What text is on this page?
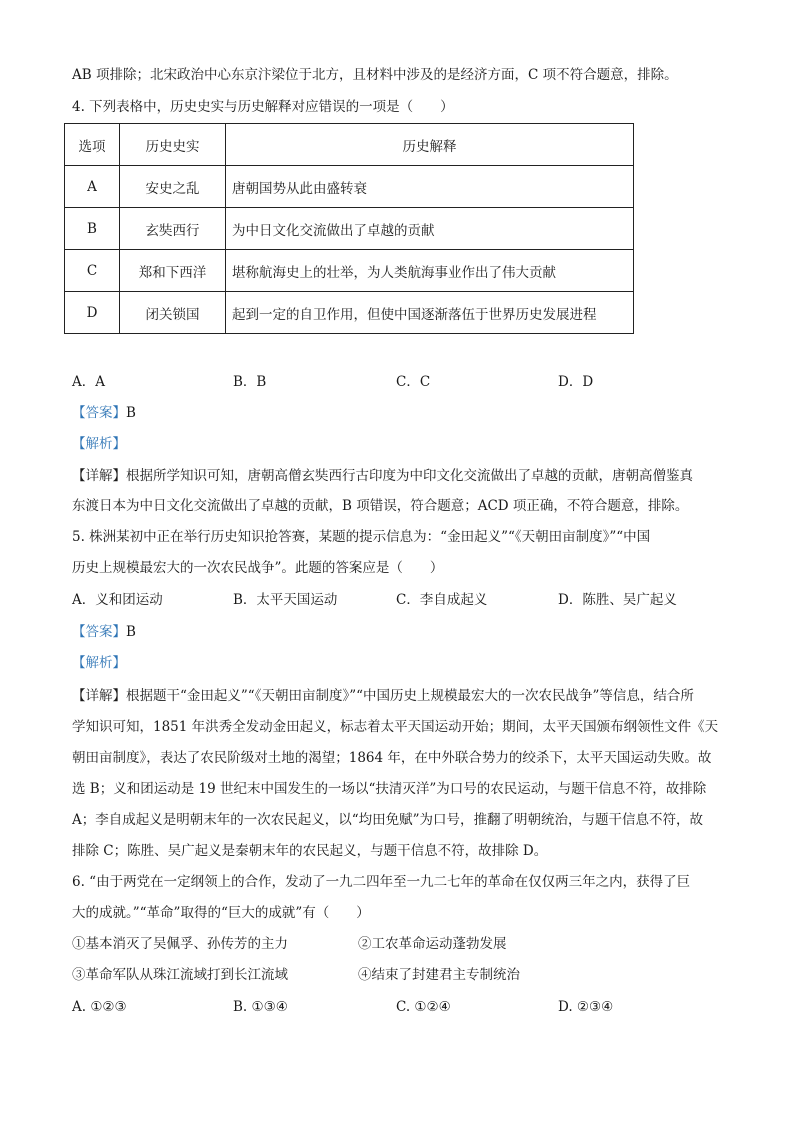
AB 项排除；北宋政治中心东京汴梁位于北方，且材料中涉及的是经济方面，C 项不符合题意，排除。
4. 下列表格中，历史史实与历史解释对应错误的一项是（　　）
选项	历史史实	历史解释
A	安史之乱	唐朝国势从此由盛转衰
B	玄奘西行	为中日文化交流做出了卓越的贡献
C	郑和下西洋	堪称航海史上的壮举，为人类航海事业作出了伟大贡献
D	闭关锁国	起到一定的自卫作用，但使中国逐渐落伍于世界历史发展进程
A．A	B．B	C．C	D．D
【答案】B
【解析】
【详解】根据所学知识可知，唐朝高僧玄奘西行古印度为中印文化交流做出了卓越的贡献，唐朝高僧鉴真
东渡日本为中日文化交流做出了卓越的贡献，B 项错误，符合题意；ACD 项正确，不符合题意，排除。
5. 株洲某初中正在举行历史知识抢答赛，某题的提示信息为：“金田起义”“《天朝田亩制度》”“中国
历史上规模最宏大的一次农民战争”。此题的答案应是（　　）
A．义和团运动	B．太平天国运动	C．李自成起义	D．陈胜、吴广起义
【答案】B
【解析】
【详解】根据题干“金田起义”“《天朝田亩制度》”“中国历史上规模最宏大的一次农民战争”等信息，结合所
学知识可知，1851 年洪秀全发动金田起义，标志着太平天国运动开始；期间，太平天国颁布纲领性文件《天
朝田亩制度》，表达了农民阶级对土地的渴望；1864 年，在中外联合势力的绞杀下，太平天国运动失败。故
选 B；义和团运动是 19 世纪末中国发生的一场以“扶清灭洋”为口号的农民运动，与题干信息不符，故排除
A；李自成起义是明朝末年的一次农民起义，以“均田免赋”为口号，推翻了明朝统治，与题干信息不符，故
排除 C；陈胜、吴广起义是秦朝末年的农民起义，与题干信息不符，故排除 D。
6. “由于两党在一定纲领上的合作，发动了一九二四年至一九二七年的革命在仅仅两三年之内，获得了巨
大的成就。”“革命”取得的“巨大的成就”有（　　）
①基本消灭了吴佩孚、孙传芳的主力	②工农革命运动蓬勃发展
③革命军队从珠江流域打到长江流域	④结束了封建君主专制统治
A. ①②③	B. ①③④	C. ①②④	D. ②③④
